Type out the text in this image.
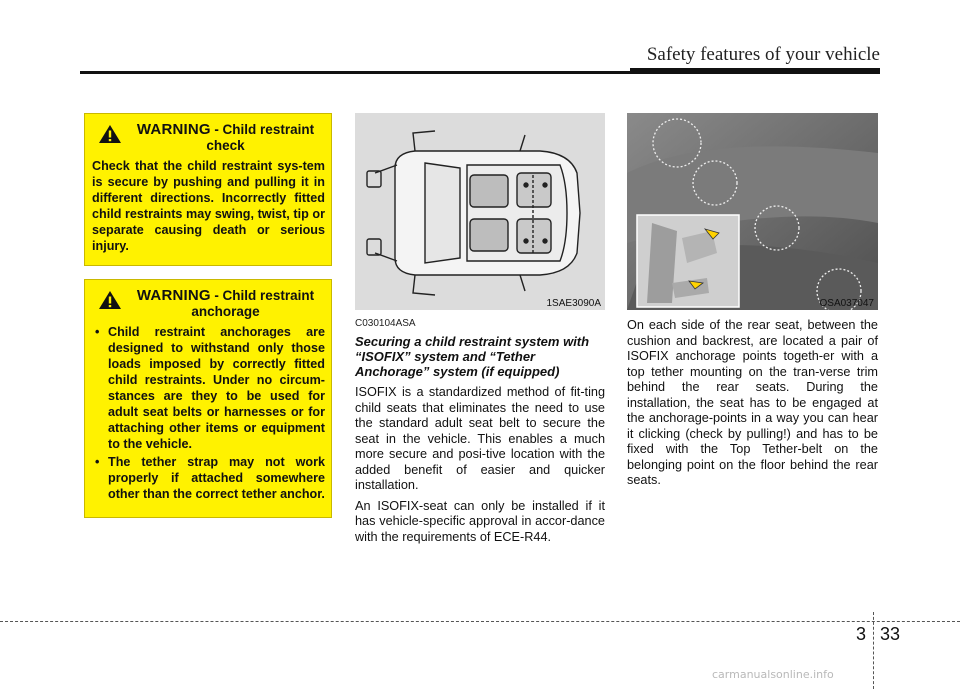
Safety features of your vehicle
WARNING - Child restraint
check
Check that the child restraint sys-tem is secure by pushing and pulling it in different directions. Incorrectly fitted child restraints may swing, twist, tip or separate causing death or serious injury.
WARNING - Child restraint
anchorage
• Child restraint anchorages are designed to withstand only those loads imposed by correctly fitted child restraints. Under no circum-stances are they to be used for adult seat belts or harnesses or for attaching other items or equipment to the vehicle.
• The tether strap may not work properly if attached somewhere other than the correct tether anchor.
1SAE3090A	OSA037047
C030104ASA
Securing a child restraint system with “ISOFIX” system and “Tether Anchorage” system (if equipped)

ISOFIX is a standardized method of fit-ting child seats that eliminates the need to use the standard adult seat belt to secure the seat in the vehicle. This enables a much more secure and posi-tive location with the added benefit of easier and quicker installation.

An ISOFIX-seat can only be installed if it has vehicle-specific approval in accor-dance with the requirements of ECE-R44.

On each side of the rear seat, between the cushion and backrest, are located a pair of ISOFIX anchorage points togeth-er with a top tether mounting on the tran-verse trim behind the rear seats. During the installation, the seat has to be engaged at the anchorage-points in a way you can hear it clicking (check by pulling!) and has to be fixed with the Top Tether-belt on the belonging point on the floor behind the rear seats.

3 33
carmanualsonline.info
